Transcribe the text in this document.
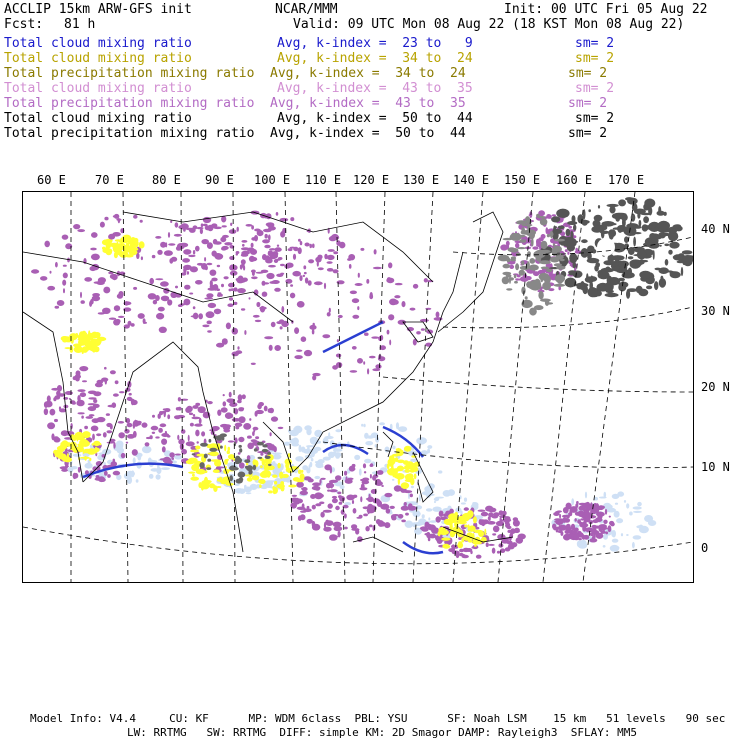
ACCLIP 15km ARW-GFS init	NCAR/MMM	Init: 00 UTC Fri 05 Aug 22
Fcst: 81 h	Valid: 09 UTC Mon 08 Aug 22 (18 KST Mon 08 Aug 22)
Total cloud mixing ratio	Avg, k-index =  23 to   9	sm= 2
Total cloud mixing ratio	Avg, k-index =  34 to  24	sm= 2
Total precipitation mixing ratio Avg, k-index =  34 to  24	sm= 2
Total cloud mixing ratio	Avg, k-index =  43 to  35	sm= 2
Total precipitation mixing ratio Avg, k-index =  43 to  35	sm= 2
Total cloud mixing ratio	Avg, k-index =  50 to  44	sm= 2
Total precipitation mixing ratio Avg, k-index =  50 to  44	sm= 2
60 E 70 E 80 E 90 E 100 E 110 E 120 E 130 E 140 E 150 E 160 E 170 E
40 N
30 N
20 N
10 N
0
Model Info: V4.4     CU: KF      MP: WDM 6class  PBL: YSU      SF: Noah LSM    15 km   51 levels   90 sec
LW: RRTMG   SW: RRTMG  DIFF: simple KM: 2D Smagor DAMP: Rayleigh3  SFLAY: MM5
